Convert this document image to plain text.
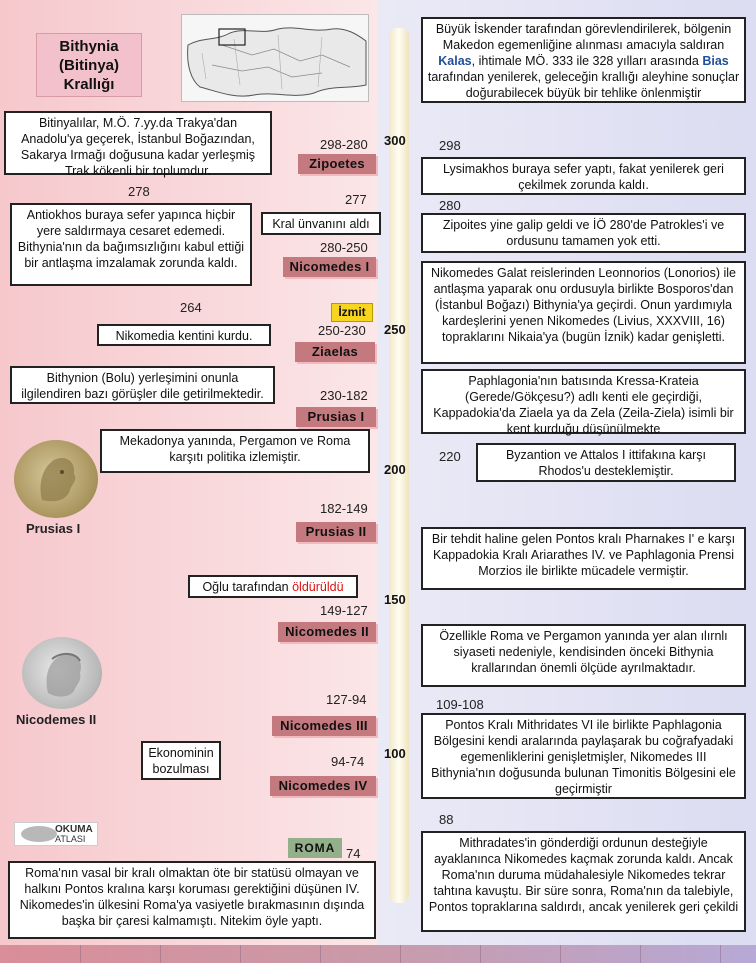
300
250
200
150
100
Bithynia
(Bitinya)
Krallığı
Bitinyalılar, M.Ö. 7.yy.da Trakya'dan Anadolu'ya geçerek, İstanbul Boğazından, Sakarya Irmağı doğusuna kadar yerleşmiş Trak kökenli bir toplumdur.
298-280
Zipoetes
278
Antiokhos buraya sefer yapınca hiçbir yere saldırmaya cesaret edemedi. Bithynia'nın da bağımsızlığını kabul ettiği bir antlaşma imzalamak zorunda kaldı.
277
Kral ünvanını aldı
280-250
Nicomedes I
264	İzmit
Nikomedia kentini kurdu.	250-230
Ziaelas
Bithynion (Bolu) yerleşimini onunla ilgilendiren bazı görüşler dile getirilmektedir.	230-182
Prusias I
Prusias I
Mekadonya yanında, Pergamon ve Roma karşıtı politika izlemiştir.
182-149
Prusias II
Oğlu tarafından öldürüldü
149-127
Nicomedes II
Nicodemes II
127-94
Nicomedes III
Ekonominin bozulması	94-74
Nicomedes IV
OKUMA
ATLASI
ROMA 74
Roma'nın vasal bir kralı olmaktan öte bir statüsü olmayan ve halkını Pontos kralına karşı koruması gerektiğini düşünen IV. Nikomedes'in ülkesini Roma'ya vasiyetle bırakmasının dışında başka bir çaresi kalmamıştı. Nitekim öyle yaptı.
Büyük İskender tarafından görevlendirilerek, bölgenin Makedon egemenliğine alınması amacıyla saldıran Kalas, ihtimale MÖ. 333 ile 328 yılları arasında Bias tarafından yenilerek, geleceğin krallığı aleyhine sonuçlar doğurabilecek büyük bir tehlike önlenmiştir
298
Lysimakhos buraya sefer yaptı, fakat yenilerek geri çekilmek zorunda kaldı.
280
Zipoites yine galip geldi ve İÖ 280'de Patrokles'i ve ordusunu tamamen yok etti.
Nikomedes Galat reislerinden Leonnorios (Lonorios) ile antlaşma yaparak onu ordusuyla birlikte Bosporos'dan (İstanbul Boğazı) Bithynia'ya geçirdi. Onun yardımıyla kardeşlerini yenen Nikomedes (Livius, XXXVIII, 16) topraklarını Nikaia'ya (bugün İznik) kadar genişletti.
Paphlagonia'nın batısında Kressa-Krateia (Gerede/Gökçesu?) adlı kenti ele geçirdiği, Kappadokia'da Ziaela ya da Zela (Zeila-Ziela) isimli bir kent kurduğu düşünülmekte
220	Byzantion ve Attalos I ittifakına karşı Rhodos'u desteklemiştir.
Bir tehdit haline gelen Pontos kralı Pharnakes I' e karşı Kappadokia Kralı Ariarathes IV. ve Paphlagonia Prensi Morzios ile birlikte mücadele vermiştir.
Özellikle Roma ve Pergamon yanında yer alan ılırnlı siyaseti nedeniyle, kendisinden önceki Bithynia krallarından önemli ölçüde ayrılmaktadır.
109-108
Pontos Kralı Mithridates VI ile birlikte Paphlagonia Bölgesini kendi aralarında paylaşarak bu coğrafyadaki egemenliklerini genişletmişler, Nikomedes III Bithynia'nın doğusunda bulunan Timonitis Bölgesini ele geçirmiştir
88
Mithradates'in gönderdiği ordunun desteğiyle ayaklanınca Nikomedes kaçmak zorunda kaldı. Ancak Roma'nın duruma müdahalesiyle Nikomedes tekrar tahtına kavuştu. Bir süre sonra, Roma'nın da talebiyle, Pontos topraklarına saldırdı, ancak yenilerek geri çekildi
